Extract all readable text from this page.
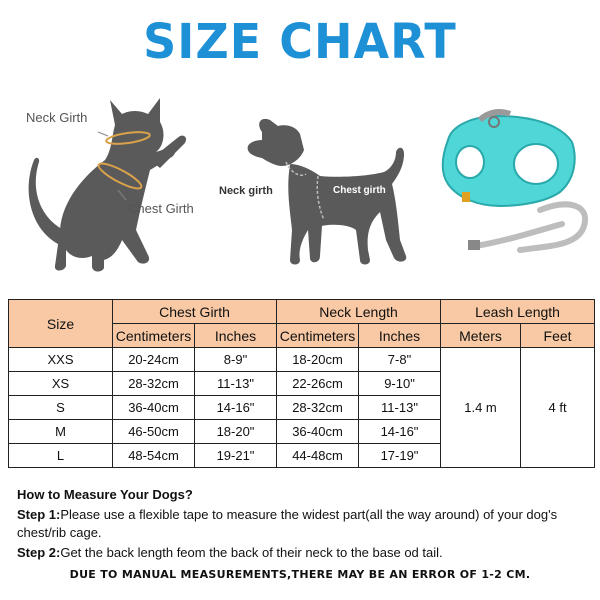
SIZE CHART
Neck Girth
Chest Girth
Neck girth	Chest girth
Size	Chest Girth		Neck Length		Leash Length	
	Centimeters	Inches	Centimeters	Inches	Meters	Feet
XXS	20-24cm	8-9"	18-20cm	7-8"	1.4 m	4 ft
XS	28-32cm	11-13"	22-26cm	9-10"		
S	36-40cm	14-16"	28-32cm	11-13"		
M	46-50cm	18-20"	36-40cm	14-16"		
L	48-54cm	19-21"	44-48cm	17-19"		
How to Measure Your Dogs?
Step 1:Please use a flexible tape to measure the widest part(all the way around) of your dog's chest/rib cage.
Step 2:Get the back length feom the back of their neck to the base od tail.
DUE TO MANUAL MEASUREMENTS,THERE MAY BE AN ERROR OF 1-2 CM.
